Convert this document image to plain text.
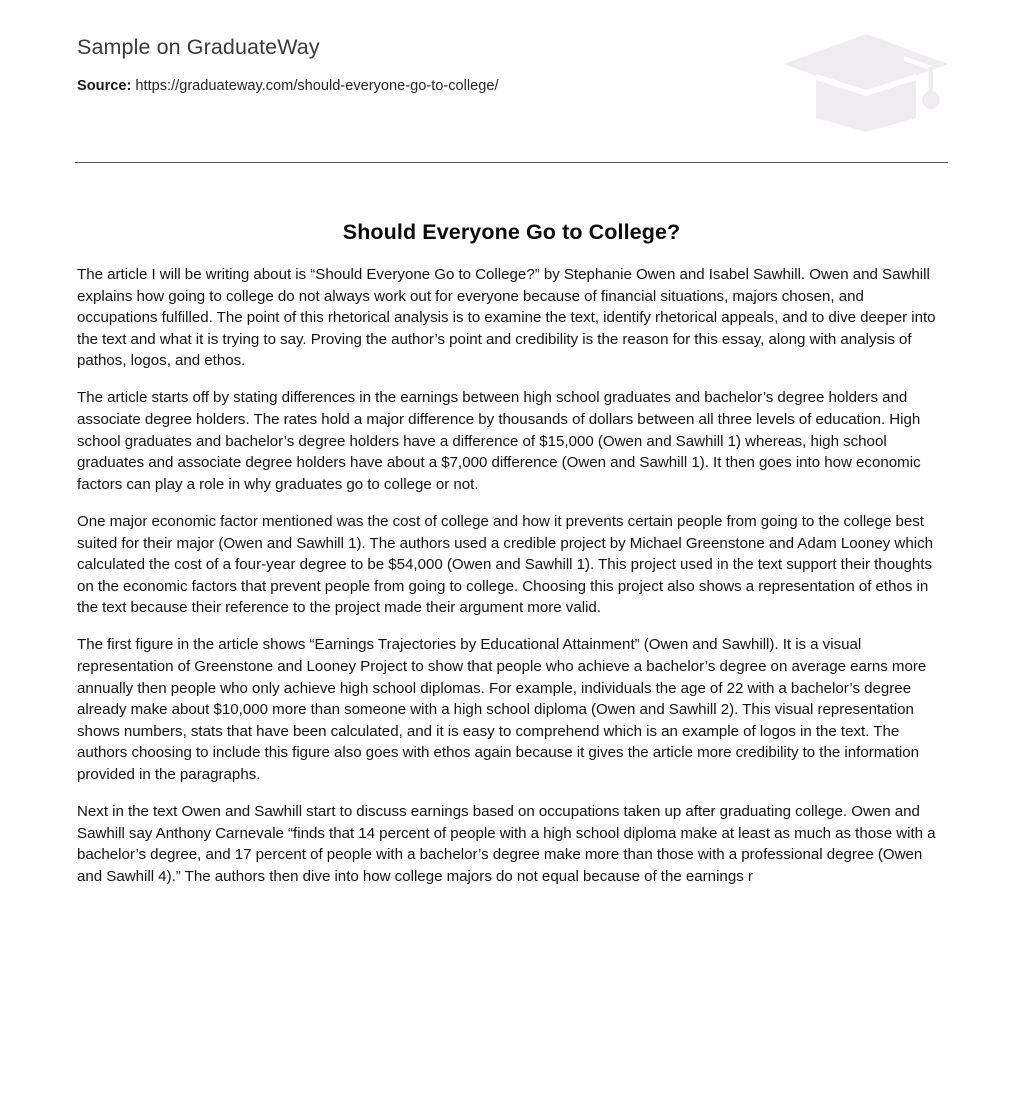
Sample on GraduateWay
Source: https://graduateway.com/should-everyone-go-to-college/
Should Everyone Go to College?

The article I will be writing about is “Should Everyone Go to College?” by Stephanie Owen and Isabel Sawhill. Owen and Sawhill explains how going to college do not always work out for everyone because of financial situations, majors chosen, and occupations fulfilled. The point of this rhetorical analysis is to examine the text, identify rhetorical appeals, and to dive deeper into the text and what it is trying to say. Proving the author’s point and credibility is the reason for this essay, along with analysis of pathos, logos, and ethos.

The article starts off by stating differences in the earnings between high school graduates and bachelor’s degree holders and associate degree holders. The rates hold a major difference by thousands of dollars between all three levels of education. High school graduates and bachelor’s degree holders have a difference of $15,000 (Owen and Sawhill 1) whereas, high school graduates and associate degree holders have about a $7,000 difference (Owen and Sawhill 1). It then goes into how economic factors can play a role in why graduates go to college or not.

One major economic factor mentioned was the cost of college and how it prevents certain people from going to the college best suited for their major (Owen and Sawhill 1). The authors used a credible project by Michael Greenstone and Adam Looney which calculated the cost of a four-year degree to be $54,000 (Owen and Sawhill 1). This project used in the text support their thoughts on the economic factors that prevent people from going to college. Choosing this project also shows a representation of ethos in the text because their reference to the project made their argument more valid.

The first figure in the article shows “Earnings Trajectories by Educational Attainment” (Owen and Sawhill). It is a visual representation of Greenstone and Looney Project to show that people who achieve a bachelor’s degree on average earns more annually then people who only achieve high school diplomas. For example, individuals the age of 22 with a bachelor’s degree already make about $10,000 more than someone with a high school diploma (Owen and Sawhill 2). This visual representation shows numbers, stats that have been calculated, and it is easy to comprehend which is an example of logos in the text. The authors choosing to include this figure also goes with ethos again because it gives the article more credibility to the information provided in the paragraphs.

Next in the text Owen and Sawhill start to discuss earnings based on occupations taken up after graduating college. Owen and Sawhill say Anthony Carnevale “finds that 14 percent of people with a high school diploma make at least as much as those with a bachelor’s degree, and 17 percent of people with a bachelor’s degree make more than those with a professional degree (Owen and Sawhill 4).” The authors then dive into how college majors do not equal because of the earnings r
